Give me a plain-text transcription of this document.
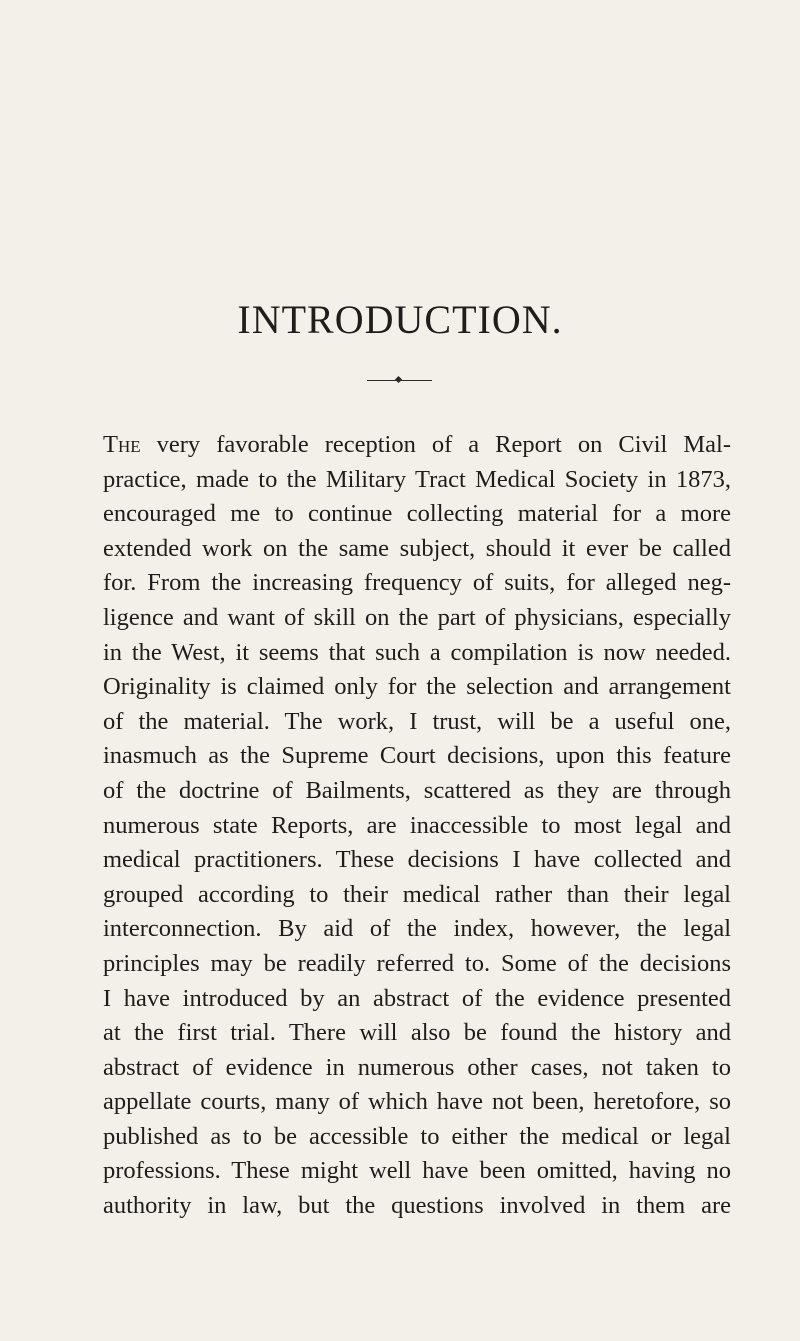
INTRODUCTION.
The very favorable reception of a Report on Civil Mal-
practice, made to the Military Tract Medical Society in 1873,
encouraged me to continue collecting material for a more
extended work on the same subject, should it ever be called
for. From the increasing frequency of suits, for alleged neg-
ligence and want of skill on the part of physicians, especially
in the West, it seems that such a compilation is now needed.
Originality is claimed only for the selection and arrangement
of the material. The work, I trust, will be a useful one,
inasmuch as the Supreme Court decisions, upon this feature
of the doctrine of Bailments, scattered as they are through
numerous state Reports, are inaccessible to most legal and
medical practitioners. These decisions I have collected and
grouped according to their medical rather than their legal
interconnection. By aid of the index, however, the legal
principles may be readily referred to. Some of the decisions
I have introduced by an abstract of the evidence presented
at the first trial. There will also be found the history and
abstract of evidence in numerous other cases, not taken to
appellate courts, many of which have not been, heretofore, so
published as to be accessible to either the medical or legal
professions. These might well have been omitted, having no
authority in law, but the questions involved in them are
